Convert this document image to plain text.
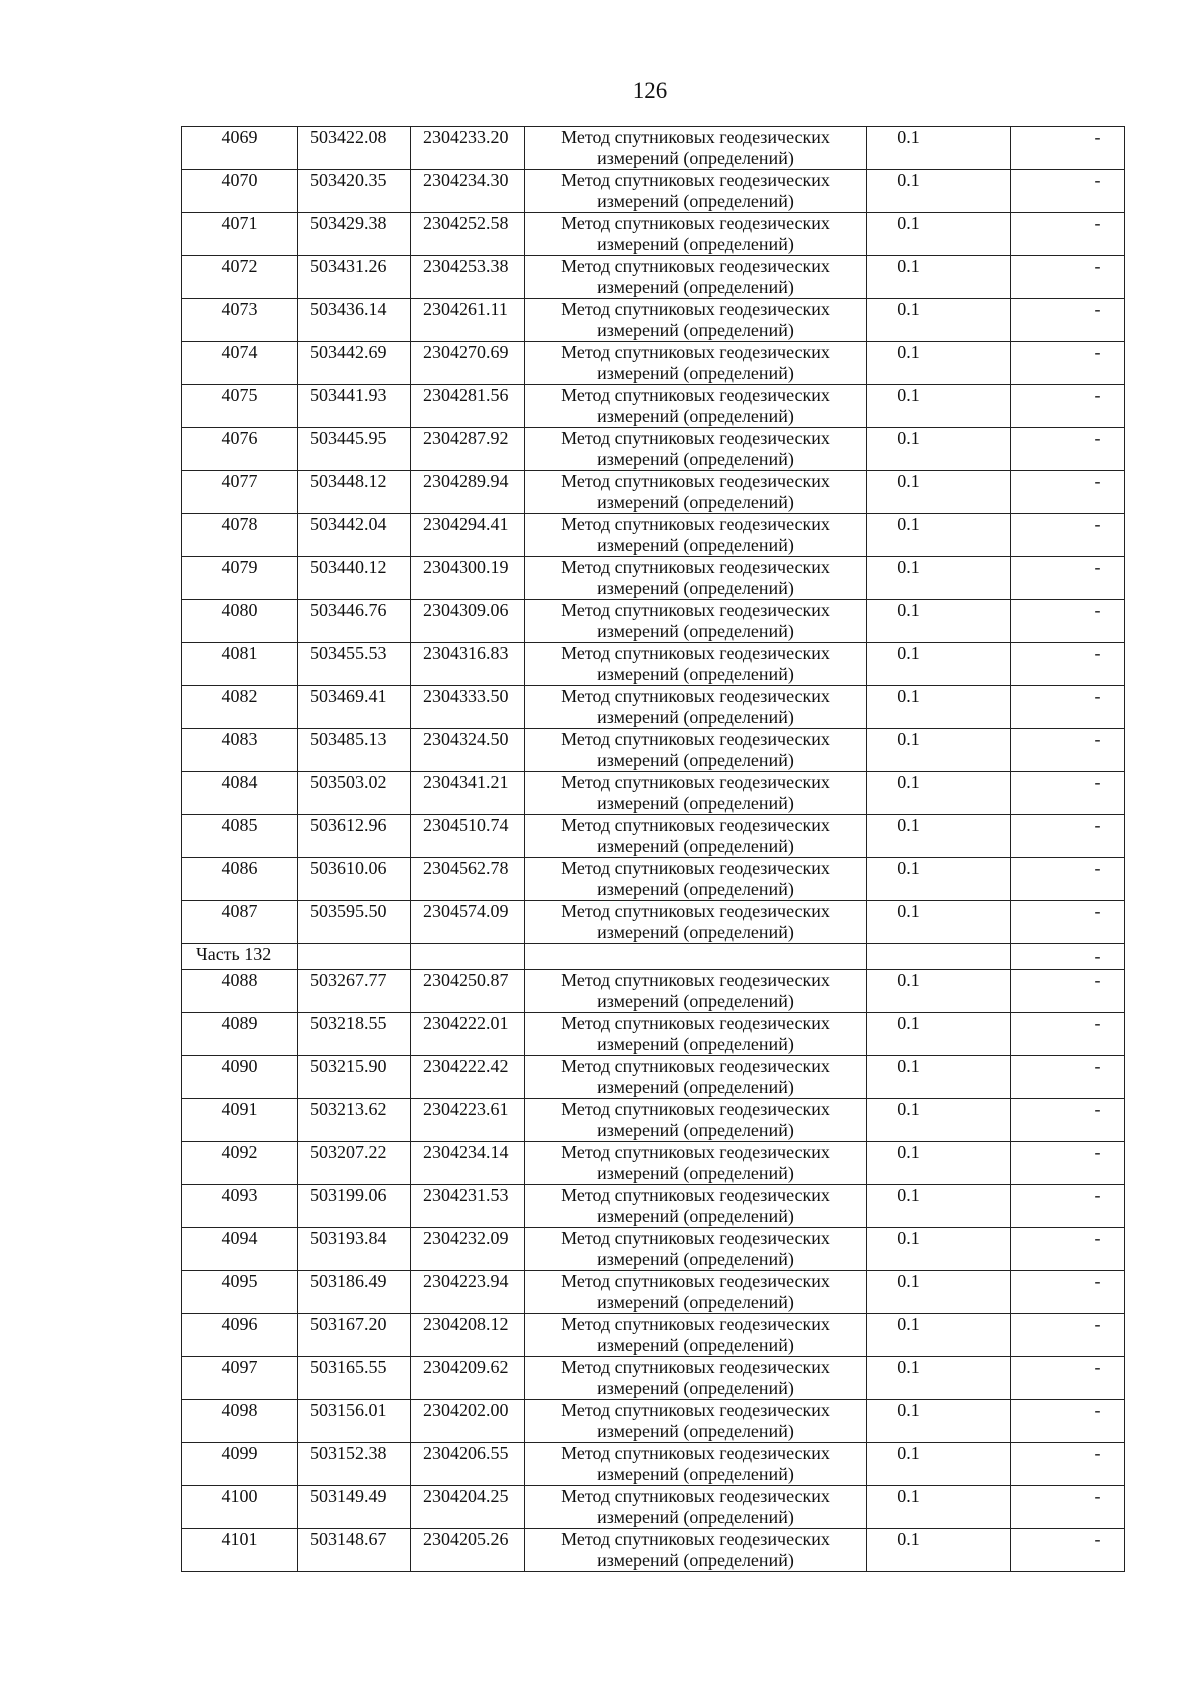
126
4069	503422.08	2304233.20	Метод спутниковых геодезических измерений (определений)	0.1	-
4070	503420.35	2304234.30	Метод спутниковых геодезических измерений (определений)	0.1	-
4071	503429.38	2304252.58	Метод спутниковых геодезических измерений (определений)	0.1	-
4072	503431.26	2304253.38	Метод спутниковых геодезических измерений (определений)	0.1	-
4073	503436.14	2304261.11	Метод спутниковых геодезических измерений (определений)	0.1	-
4074	503442.69	2304270.69	Метод спутниковых геодезических измерений (определений)	0.1	-
4075	503441.93	2304281.56	Метод спутниковых геодезических измерений (определений)	0.1	-
4076	503445.95	2304287.92	Метод спутниковых геодезических измерений (определений)	0.1	-
4077	503448.12	2304289.94	Метод спутниковых геодезических измерений (определений)	0.1	-
4078	503442.04	2304294.41	Метод спутниковых геодезических измерений (определений)	0.1	-
4079	503440.12	2304300.19	Метод спутниковых геодезических измерений (определений)	0.1	-
4080	503446.76	2304309.06	Метод спутниковых геодезических измерений (определений)	0.1	-
4081	503455.53	2304316.83	Метод спутниковых геодезических измерений (определений)	0.1	-
4082	503469.41	2304333.50	Метод спутниковых геодезических измерений (определений)	0.1	-
4083	503485.13	2304324.50	Метод спутниковых геодезических измерений (определений)	0.1	-
4084	503503.02	2304341.21	Метод спутниковых геодезических измерений (определений)	0.1	-
4085	503612.96	2304510.74	Метод спутниковых геодезических измерений (определений)	0.1	-
4086	503610.06	2304562.78	Метод спутниковых геодезических измерений (определений)	0.1	-
4087	503595.50	2304574.09	Метод спутниковых геодезических измерений (определений)	0.1	-
Часть 132					-
4088	503267.77	2304250.87	Метод спутниковых геодезических измерений (определений)	0.1	-
4089	503218.55	2304222.01	Метод спутниковых геодезических измерений (определений)	0.1	-
4090	503215.90	2304222.42	Метод спутниковых геодезических измерений (определений)	0.1	-
4091	503213.62	2304223.61	Метод спутниковых геодезических измерений (определений)	0.1	-
4092	503207.22	2304234.14	Метод спутниковых геодезических измерений (определений)	0.1	-
4093	503199.06	2304231.53	Метод спутниковых геодезических измерений (определений)	0.1	-
4094	503193.84	2304232.09	Метод спутниковых геодезических измерений (определений)	0.1	-
4095	503186.49	2304223.94	Метод спутниковых геодезических измерений (определений)	0.1	-
4096	503167.20	2304208.12	Метод спутниковых геодезических измерений (определений)	0.1	-
4097	503165.55	2304209.62	Метод спутниковых геодезических измерений (определений)	0.1	-
4098	503156.01	2304202.00	Метод спутниковых геодезических измерений (определений)	0.1	-
4099	503152.38	2304206.55	Метод спутниковых геодезических измерений (определений)	0.1	-
4100	503149.49	2304204.25	Метод спутниковых геодезических измерений (определений)	0.1	-
4101	503148.67	2304205.26	Метод спутниковых геодезических измерений (определений)	0.1	-
